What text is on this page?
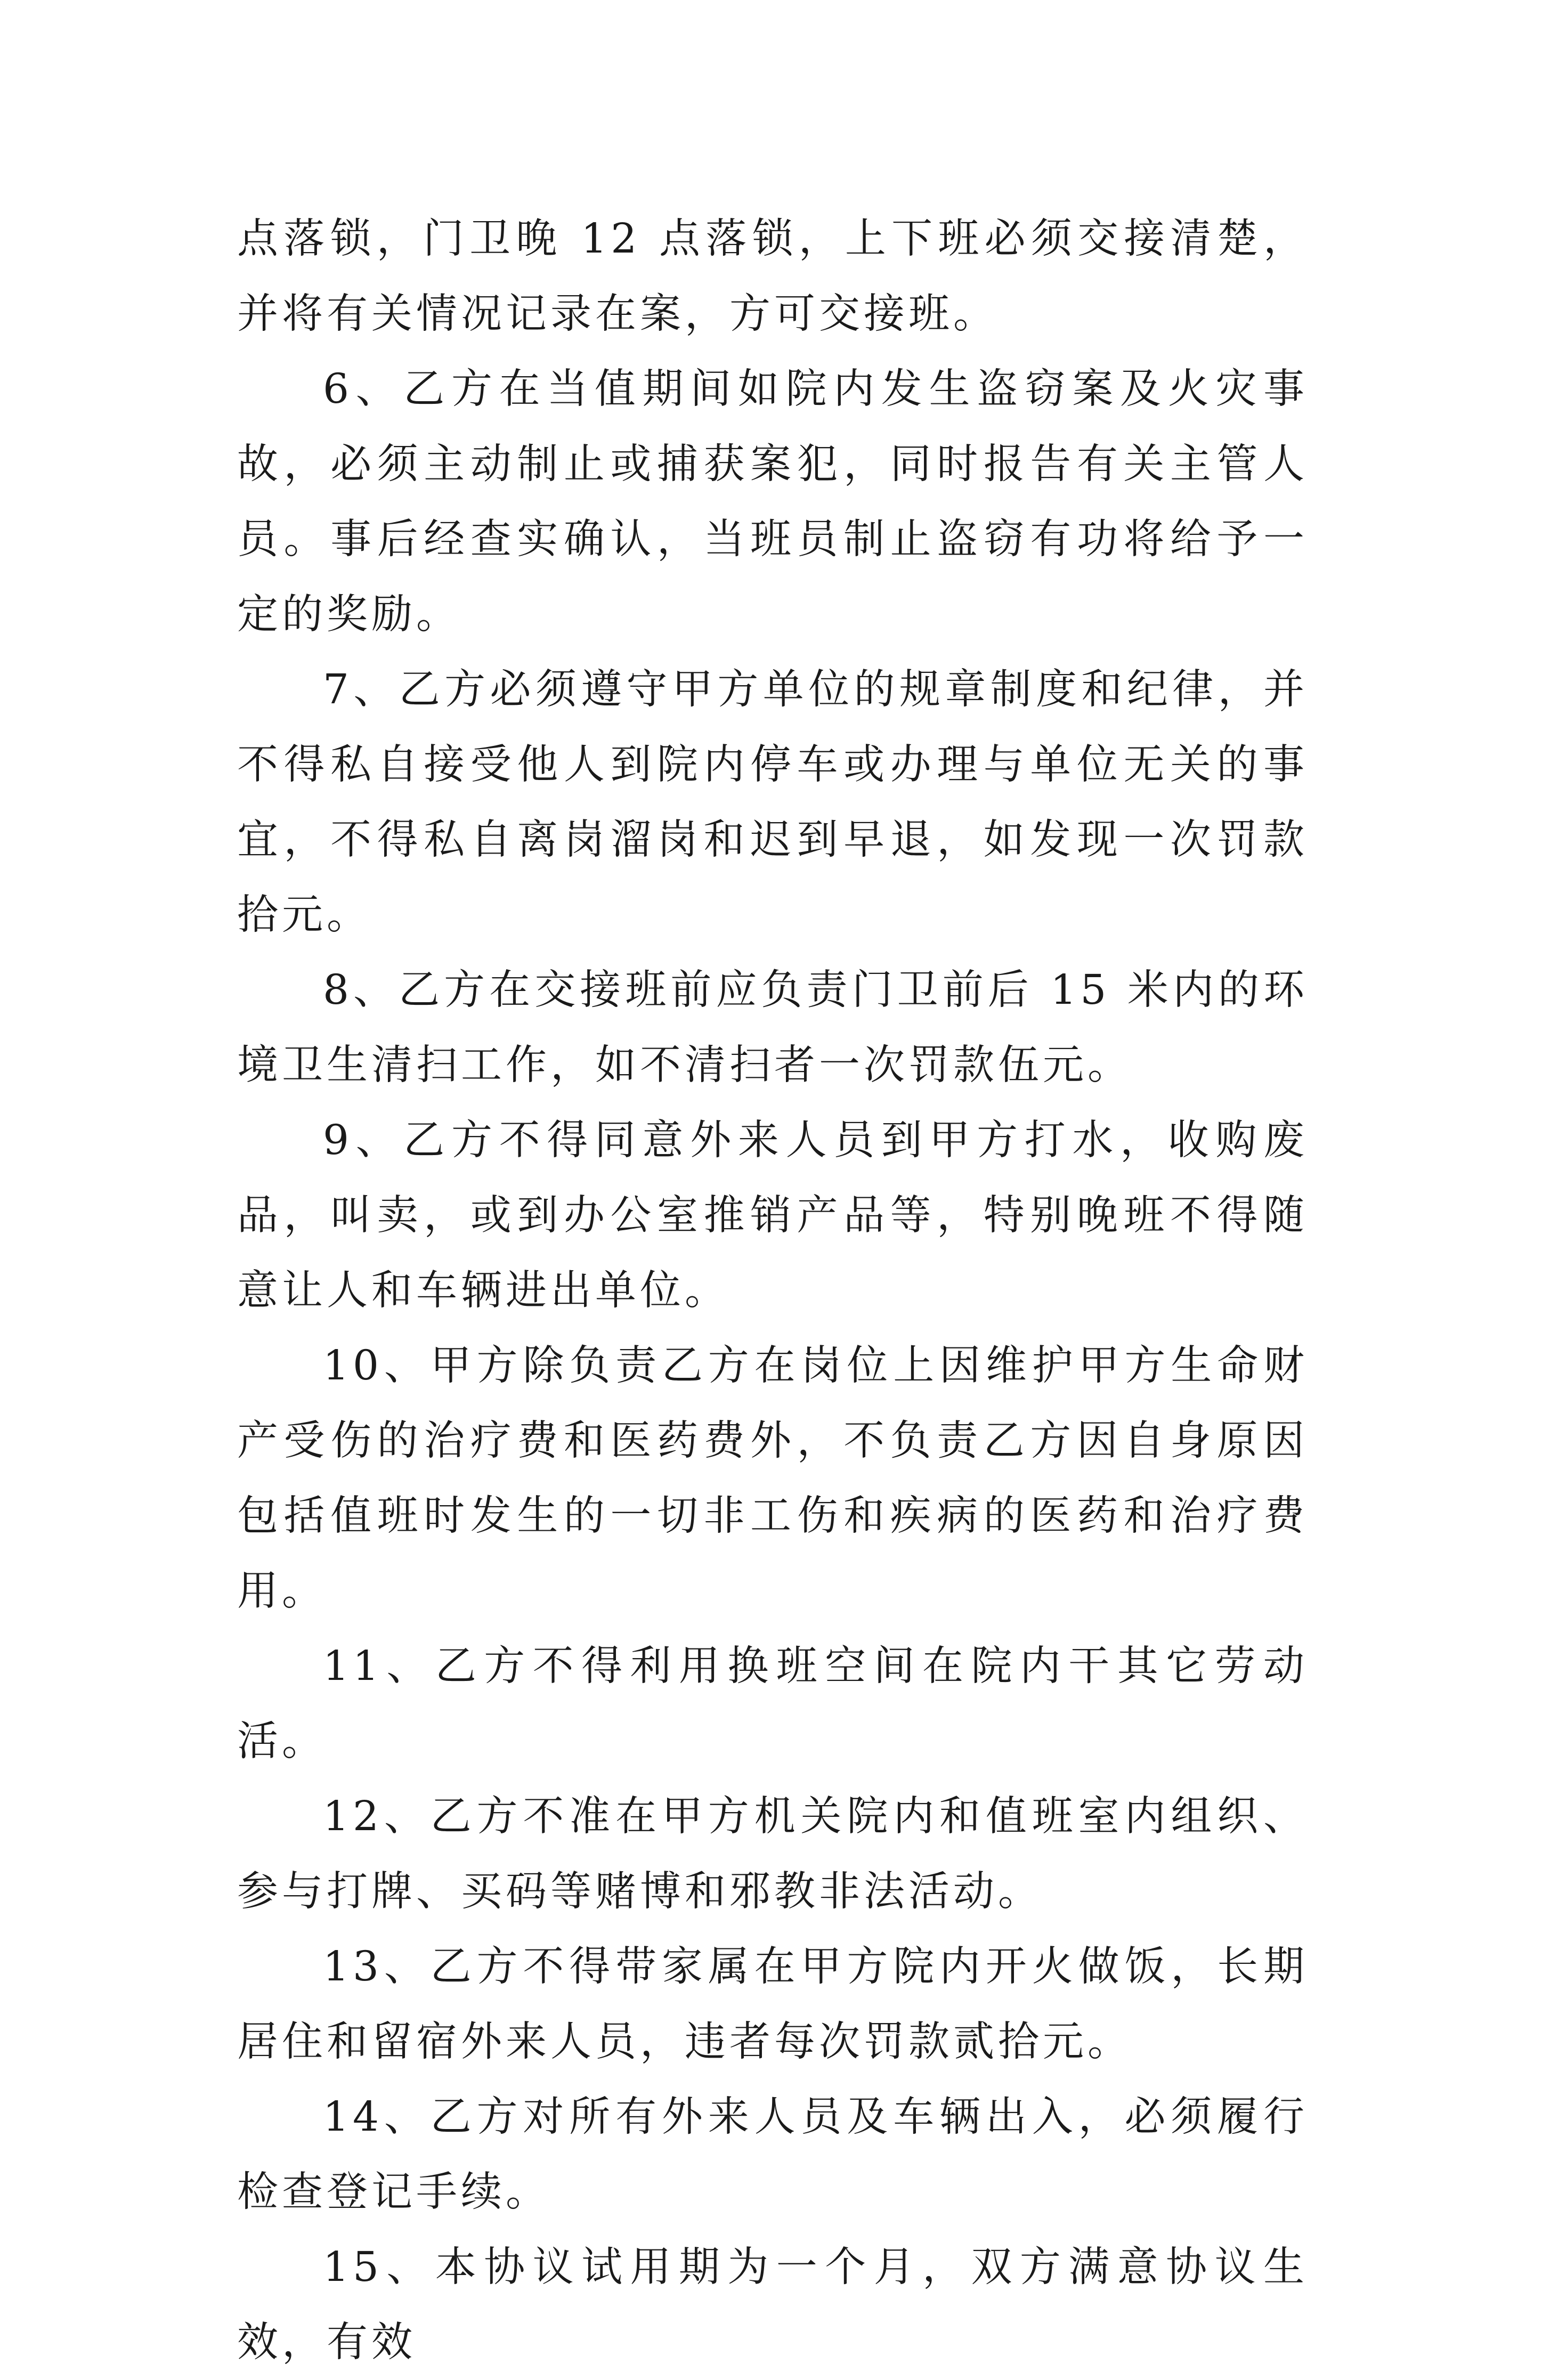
点落锁，门卫晚 12 点落锁，上下班必须交接清楚，并将有关情况记录在案，方可交接班。

6、乙方在当值期间如院内发生盗窃案及火灾事故，必须主动制止或捕获案犯，同时报告有关主管人员。事后经查实确认，当班员制止盗窃有功将给予一定的奖励。

7、乙方必须遵守甲方单位的规章制度和纪律，并不得私自接受他人到院内停车或办理与单位无关的事宜，不得私自离岗溜岗和迟到早退，如发现一次罚款拾元。

8、乙方在交接班前应负责门卫前后 15 米内的环境卫生清扫工作，如不清扫者一次罚款伍元。

9、乙方不得同意外来人员到甲方打水，收购废品，叫卖，或到办公室推销产品等，特别晚班不得随意让人和车辆进出单位。

10、甲方除负责乙方在岗位上因维护甲方生命财产受伤的治疗费和医药费外，不负责乙方因自身原因包括值班时发生的一切非工伤和疾病的医药和治疗费用。

11、乙方不得利用换班空间在院内干其它劳动活。

12、乙方不准在甲方机关院内和值班室内组织、参与打牌、买码等赌博和邪教非法活动。

13、乙方不得带家属在甲方院内开火做饭，长期居住和留宿外来人员，违者每次罚款贰拾元。

14、乙方对所有外来人员及车辆出入，必须履行检查登记手续。

15、本协议试用期为一个月，双方满意协议生效，有效
